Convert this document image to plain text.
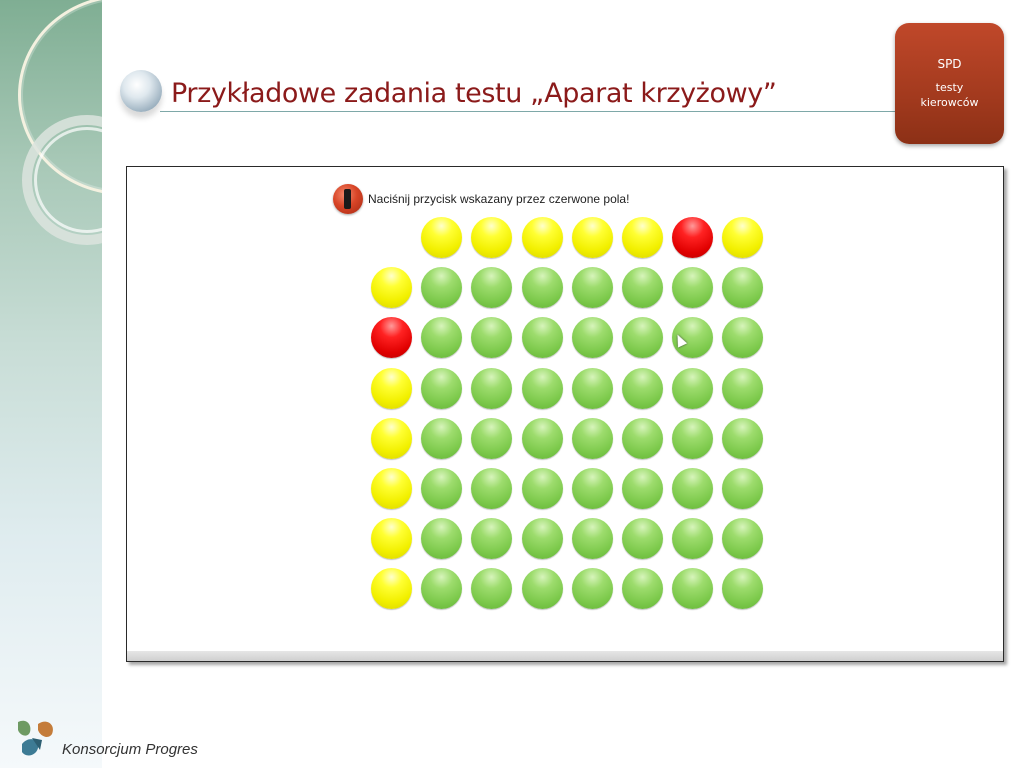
Przykładowe zadania testu „Aparat krzyżowy”
SPD
testy
kierowców
Naciśnij przycisk wskazany przez czerwone pola!
Konsorcjum Progres
